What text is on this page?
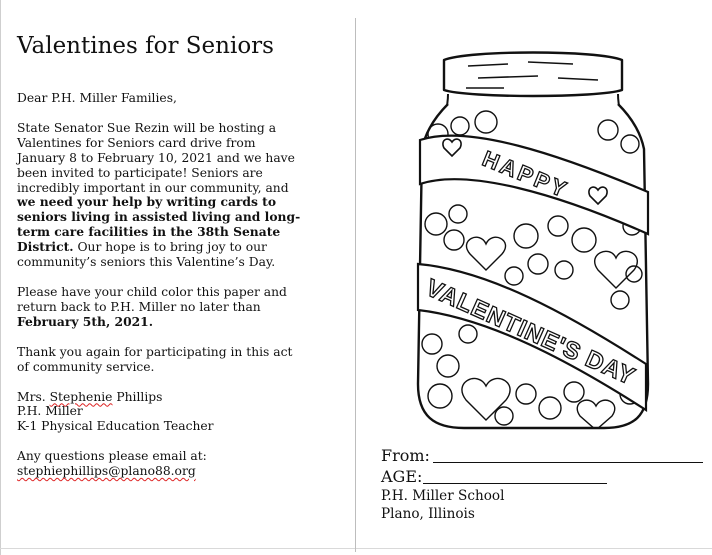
Valentines for Seniors

Dear P.H. Miller Families,

State Senator Sue Rezin will be hosting a
Valentines for Seniors card drive from
January 8 to February 10, 2021 and we have
been invited to participate! Seniors are
incredibly important in our community, and
we need your help by writing cards to
seniors living in assisted living and long-
term care facilities in the 38th Senate
District. Our hope is to bring joy to our
community’s seniors this Valentine’s Day.

Please have your child color this paper and
return back to P.H. Miller no later than
February 5th, 2021.

Thank you again for participating in this act
of community service.

Mrs. Stephenie Phillips
P.H. Miller
K-1 Physical Education Teacher

Any questions please email at:
stephiephillips@plano88.org

HAPPY
VALENTINE'S DAY
From:
AGE:

P.H. Miller School

Plano, Illinois
